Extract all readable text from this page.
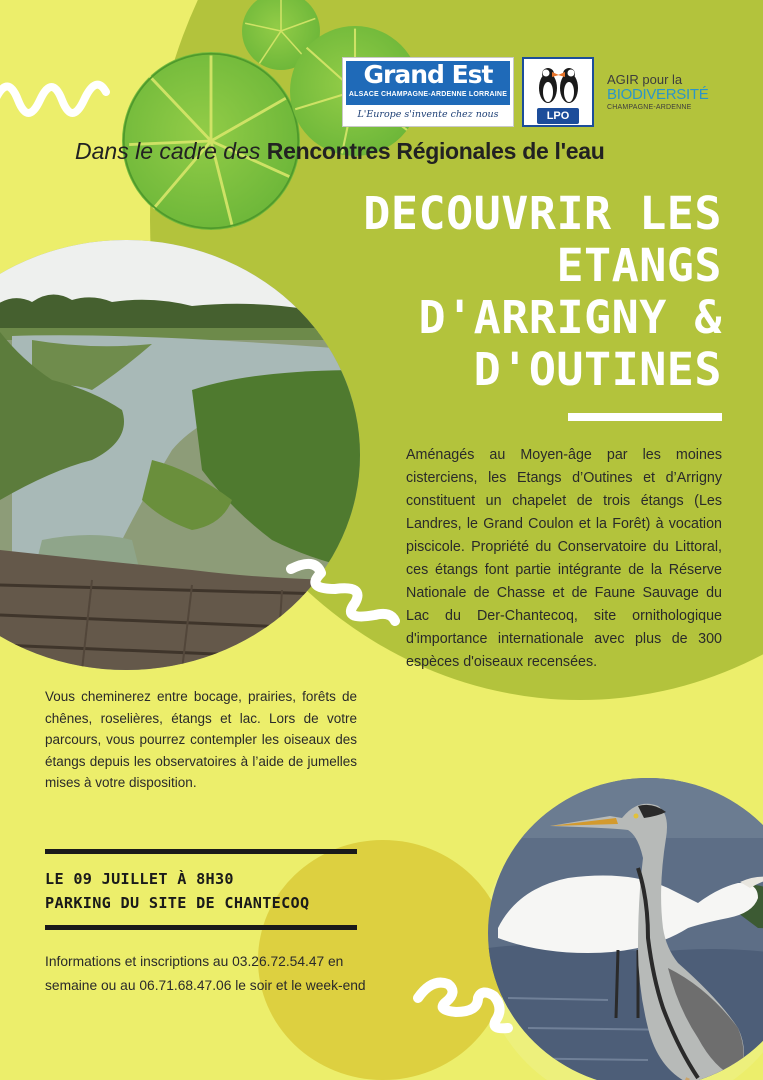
Grand Est
ALSACE CHAMPAGNE-ARDENNE LORRAINE
L'Europe s'invente chez nous	LPO
AGIR pour la
BIODIVERSITÉ
CHAMPAGNE-ARDENNE
Dans le cadre des Rencontres Régionales de l'eau
DECOUVRIR LES
ETANGS
D'ARRIGNY &
D'OUTINES
Aménagés au Moyen-âge par les moines cisterciens, les Etangs d’Outines et d’Arrigny constituent un chapelet de trois étangs (Les Landres, le Grand Coulon et la Forêt) à vocation piscicole. Propriété du Conservatoire du Littoral, ces étangs font partie intégrante de la Réserve Nationale de Chasse et de Faune Sauvage du Lac du Der-Chantecoq, site ornithologique d'importance internationale avec plus de 300 espèces d'oiseaux recensées.
Vous cheminerez entre bocage, prairies, forêts de chênes, roselières, étangs et lac. Lors de votre parcours, vous pourrez contempler les oiseaux des étangs depuis les observatoires à l’aide de jumelles mises à votre disposition.
LE 09 JUILLET À 8H30
PARKING DU SITE DE CHANTECOQ
Informations et inscriptions au 03.26.72.54.47 en
semaine ou au 06.71.68.47.06 le soir et le week-end
